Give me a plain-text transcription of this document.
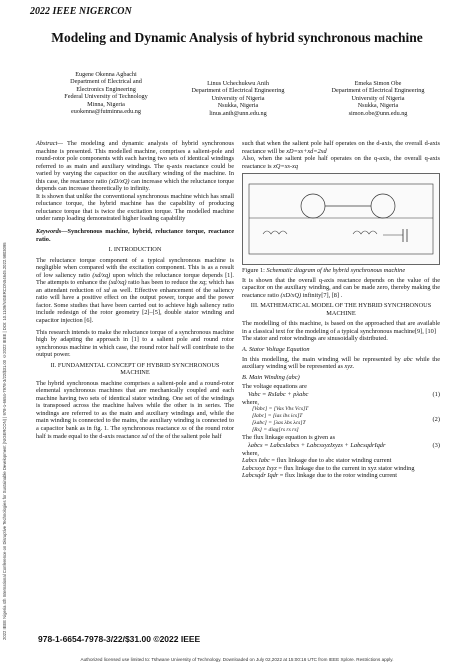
2022 IEEE NIGERCON
2022 IEEE Nigeria 4th International Conference on Disruptive Technologies for Sustainable Development (NIGERCON) | 978-1-6654-7978-3/22/$31.00 ©2022 IEEE | DOI: 10.1109/NIGERCON54645.2022.9803095
Modeling and Dynamic Analysis of hybrid synchronous machine
Eugene Okenna Agbachi
Department of Electrical and
Electronics Engineering
Federal University of Technology
Minna, Nigeria
euokenna@futminna.edu.ng
Linus Uchechukwu Anih
Department of Electrical Engineering
University of Nigeria
Nsukka, Nigeria
linus.anih@unn.edu.ng
Emeka Simon Obe
Department of Electrical Engineering
University of Nigeria
Nsukka, Nigeria
simon.obe@unn.edu.ng

Abstract— The modeling and dynamic analysis of hybrid synchronous machine is presented. This modelled machine, comprises a salient-pole and round-rotor pole components with each having two sets of identical windings referred to as main and auxiliary windings. The q-axis reactance could be varied by varying the capacitor on the auxiliary winding of the machine. In this case, the reactance ratio (xD/xQ) can increase which the reluctance torque depends can increase theoretically to infinity.

It is shown that unlike the conventional synchronous machine which has small reluctance torque, the hybrid machine has the capability of producing reluctance torque that is twice the excitation torque. The modelled machine under ramp loading demonstrated higher loading capability

Keywords—Synchronous machine, hybrid, reluctance torque, reactance ratio.

I. INTRODUCTION

The reluctance torque component of a typical synchronous machine is negligible when compared with the excitation component. This is as a result of low saliency ratio (xd/xq) upon which the reluctance torque depends [1]. The attempts to enhance the (xd/xq) ratio has been to reduce the xq; which has an attendant reduction of xd as well. Effective enhancement of the saliency ratio will have a positive effect on the output power, torque and the power factor. Some studies that have been carried out to achieve high saliency ratio include redesign of the rotor geometry [2]–[5], double stator winding and capacitor injection [6].

This research intends to make the reluctance torque of a synchronous machine high by adapting the approach in [1] to a salient pole and round rotor synchronous machine in which case, the round rotor half will contribute to the output power.

II. FUNDAMENTAL CONCEPT OF HYBRID SYNCHRONOUS MACHINE

The hybrid synchronous machine comprises a salient-pole and a round-rotor elemental synchronous machines that are mechanically coupled and each machine having two sets of identical stator winding. One set of the windings is transposed across the machine halves while the other is in series. The windings are referred to as the main and auxiliary windings and, while the main winding is connected to the mains, the auxiliary winding is connected to a capacitor bank as in fig. 1. The synchronous reactance xs of the round rotor half is made equal to the d-axis reactance xd of the of the salient pole half

such that when the salient pole half operates on the d-axis, the overall d-axis reactance will be xD=xs+xd=2xd

Also, when the salient pole half operates on the q-axis, the overall q-axis reactance is xQ=xs-xq

Figure 1: Schematic diagram of the hybrid synchronous machine

It is shown that the overall q-axis reactance depends on the value of the capacitor on the auxiliary winding, and can be made zero, thereby making the reactance ratio (xD/xQ) infinity[7], [8] .

III. MATHEMATICAL MODEL OF THE HYBRID SYNCHRONOUS MACHINE

The modelling of this machine, is based on the approached that are available in a classical text for the modeling of a typical synchronous machine[9], [10]

The stator and rotor windings are sinusoidally distributed.

A. Stator Voltage Equation

In this modelling, the main winding will be represented by abc while the auxiliary winding will be represented as xyz.

B. Main Winding (abc)

The voltage equations are

Vabc = RsIabc + pλabc	(1)

where,

[Vabc] = [Vas Vbs Vcs]T
[Iabc] = [ias ibs ics]T
[λabc] = [λas λbs λcs]T
[Rs] = diag[rs rs rs]
(2)

The flux linkage equation is given as

λabcs = LabcsIabcs + LabcsxyzIxyzs + LabcsqdrIqdr	(3)

where,

Labcs Iabc = flux linkage due to abc stator winding current

Labcsxyz Ixyz = flux linkage due to the current in xyz stator winding

Labcsqdr Iqdr = flux linkage due to the rotor winding current

978-1-6654-7978-3/22/$31.00 ©2022 IEEE
Authorized licensed use limited to: Tshwane University of Technology. Downloaded on July 02,2022 at 15:00:16 UTC from IEEE Xplore. Restrictions apply.
